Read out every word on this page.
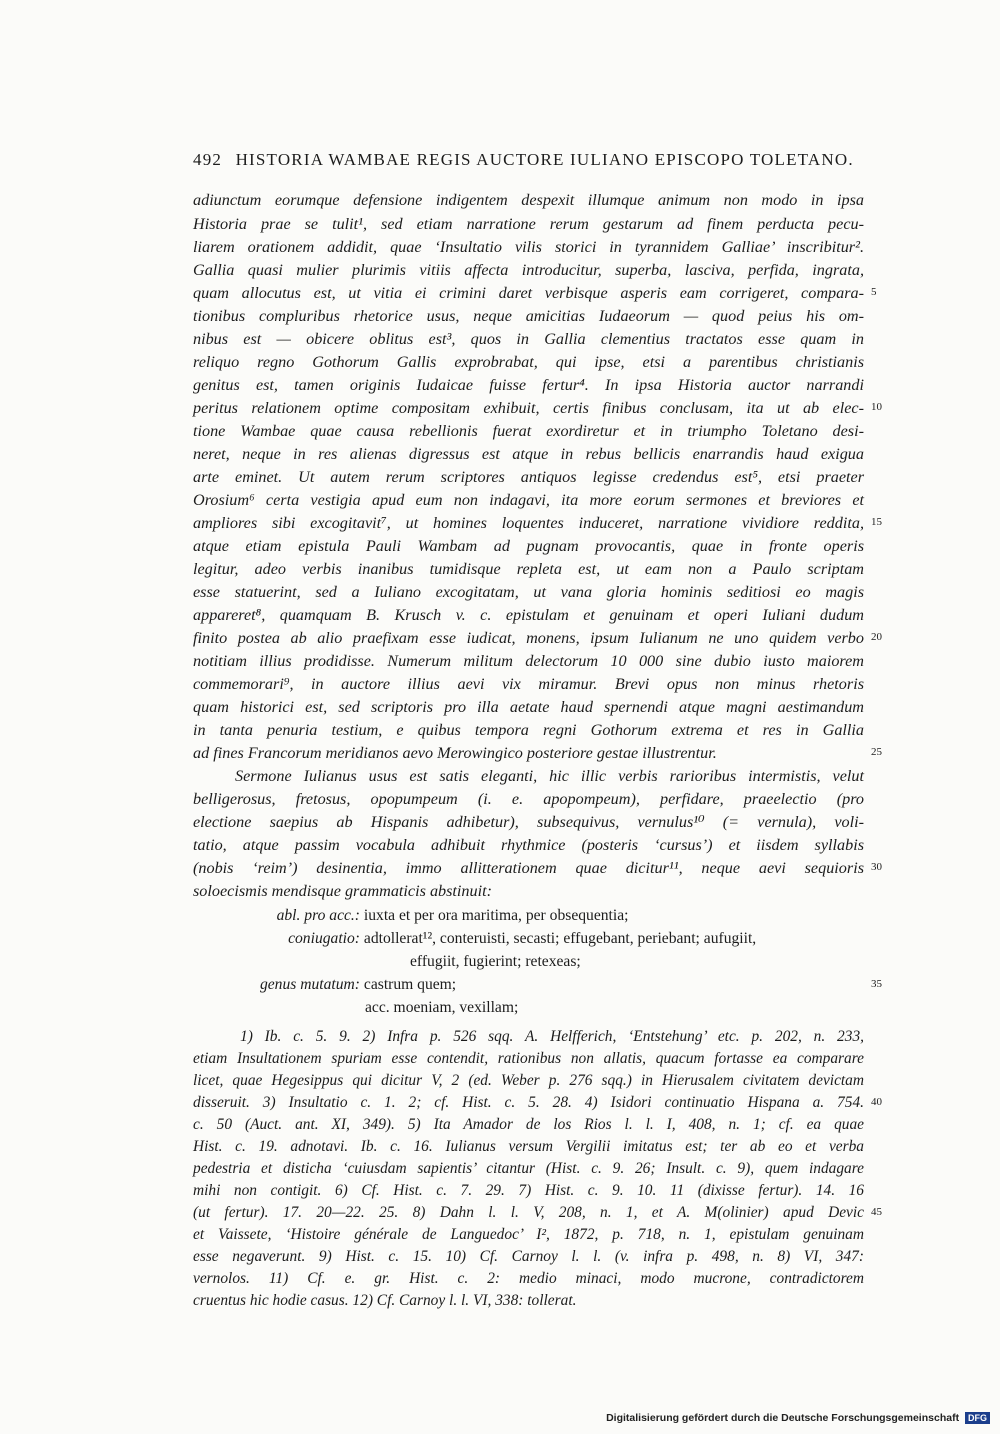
492 HISTORIA WAMBAE REGIS AUCTORE IULIANO EPISCOPO TOLETANO.
adiunctum eorumque defensione indigentem despexit illumque animum non modo in ipsa
Historia prae se tulit¹, sed etiam narratione rerum gestarum ad finem perducta pecu-
liarem orationem addidit, quae ‘Insultatio vilis storici in tyrannidem Galliae’ inscribitur².
Gallia quasi mulier plurimis vitiis affecta introducitur, superba, lasciva, perfida, ingrata,
quam allocutus est, ut vitia ei crimini daret verbisque asperis eam corrigeret, compara-
tionibus compluribus rhetorice usus, neque amicitias Iudaeorum — quod peius his om-
nibus est — obicere oblitus est³, quos in Gallia clementius tractatos esse quam in
reliquo regno Gothorum Gallis exprobrabat, qui ipse, etsi a parentibus christianis
genitus est, tamen originis Iudaicae fuisse fertur⁴. In ipsa Historia auctor narrandi
peritus relationem optime compositam exhibuit, certis finibus conclusam, ita ut ab elec-
tione Wambae quae causa rebellionis fuerat exordiretur et in triumpho Toletano desi-
neret, neque in res alienas digressus est atque in rebus bellicis enarrandis haud exigua
arte eminet. Ut autem rerum scriptores antiquos legisse credendus est⁵, etsi praeter
Orosium⁶ certa vestigia apud eum non indagavi, ita more eorum sermones et breviores et
ampliores sibi excogitavit⁷, ut homines loquentes induceret, narratione vividiore reddita,
atque etiam epistula Pauli Wambam ad pugnam provocantis, quae in fronte operis
legitur, adeo verbis inanibus tumidisque repleta est, ut eam non a Paulo scriptam
esse statuerint, sed a Iuliano excogitatam, ut vana gloria hominis seditiosi eo magis
appareret⁸, quamquam B. Krusch v. c. epistulam et genuinam et operi Iuliani dudum
finito postea ab alio praefixam esse iudicat, monens, ipsum Iulianum ne uno quidem verbo
notitiam illius prodidisse. Numerum militum delectorum 10 000 sine dubio iusto maiorem
commemorari⁹, in auctore illius aevi vix miramur. Brevi opus non minus rhetoris
quam historici est, sed scriptoris pro illa aetate haud spernendi atque magni aestimandum
in tanta penuria testium, e quibus tempora regni Gothorum extrema et res in Gallia
ad fines Francorum meridianos aevo Merowingico posteriore gestae illustrentur.
Sermone Iulianus usus est satis eleganti, hic illic verbis rarioribus intermistis, velut
belligerosus, fretosus, opopumpeum (i. e. apopompeum), perfidare, praeelectio (pro
electione saepius ab Hispanis adhibetur), subsequivus, vernulus¹⁰ (= vernula), voli-
tatio, atque passim vocabula adhibuit rhythmice (posteris ‘cursus’) et iisdem syllabis
(nobis ‘reim’) desinentia, immo allitterationem quae dicitur¹¹, neque aevi sequioris
soloecismis mendisque grammaticis abstinuit:
abl. pro acc.: iuxta et per ora maritima, per obsequentia;
coniugatio: adtollerat¹², conteruisti, secasti; effugebant, periebant; aufugiit,
effugiit, fugierint; retexeas;
genus mutatum: castrum quem;
acc. moeniam, vexillam;
1) Ib. c. 5. 9. 2) Infra p. 526 sqq. A. Helfferich, ‘Entstehung’ etc. p. 202, n. 233,
etiam Insultationem spuriam esse contendit, rationibus non allatis, quacum fortasse ea comparare
licet, quae Hegesippus qui dicitur V, 2 (ed. Weber p. 276 sqq.) in Hierusalem civitatem devictam
disseruit. 3) Insultatio c. 1. 2; cf. Hist. c. 5. 28. 4) Isidori continuatio Hispana a. 754.
c. 50 (Auct. ant. XI, 349). 5) Ita Amador de los Rios l. l. I, 408, n. 1; cf. ea quae
Hist. c. 19. adnotavi. Ib. c. 16. Iulianus versum Vergilii imitatus est; ter ab eo et verba
pedestria et disticha ‘cuiusdam sapientis’ citantur (Hist. c. 9. 26; Insult. c. 9), quem indagare
mihi non contigit. 6) Cf. Hist. c. 7. 29. 7) Hist. c. 9. 10. 11 (dixisse fertur). 14. 16
(ut fertur). 17. 20—22. 25. 8) Dahn l. l. V, 208, n. 1, et A. M(olinier) apud Devic
et Vaissete, ‘Histoire générale de Languedoc’ I², 1872, p. 718, n. 1, epistulam genuinam
esse negaverunt. 9) Hist. c. 15. 10) Cf. Carnoy l. l. (v. infra p. 498, n. 8) VI, 347:
vernolos. 11) Cf. e. gr. Hist. c. 2: medio minaci, modo mucrone, contradictorem
cruentus hic hodie casus. 12) Cf. Carnoy l. l. VI, 338: tollerat.
5
10
15
20
25
30
35
40
45
Digitalisierung gefördert durch die Deutsche Forschungsgemeinschaft DFG
